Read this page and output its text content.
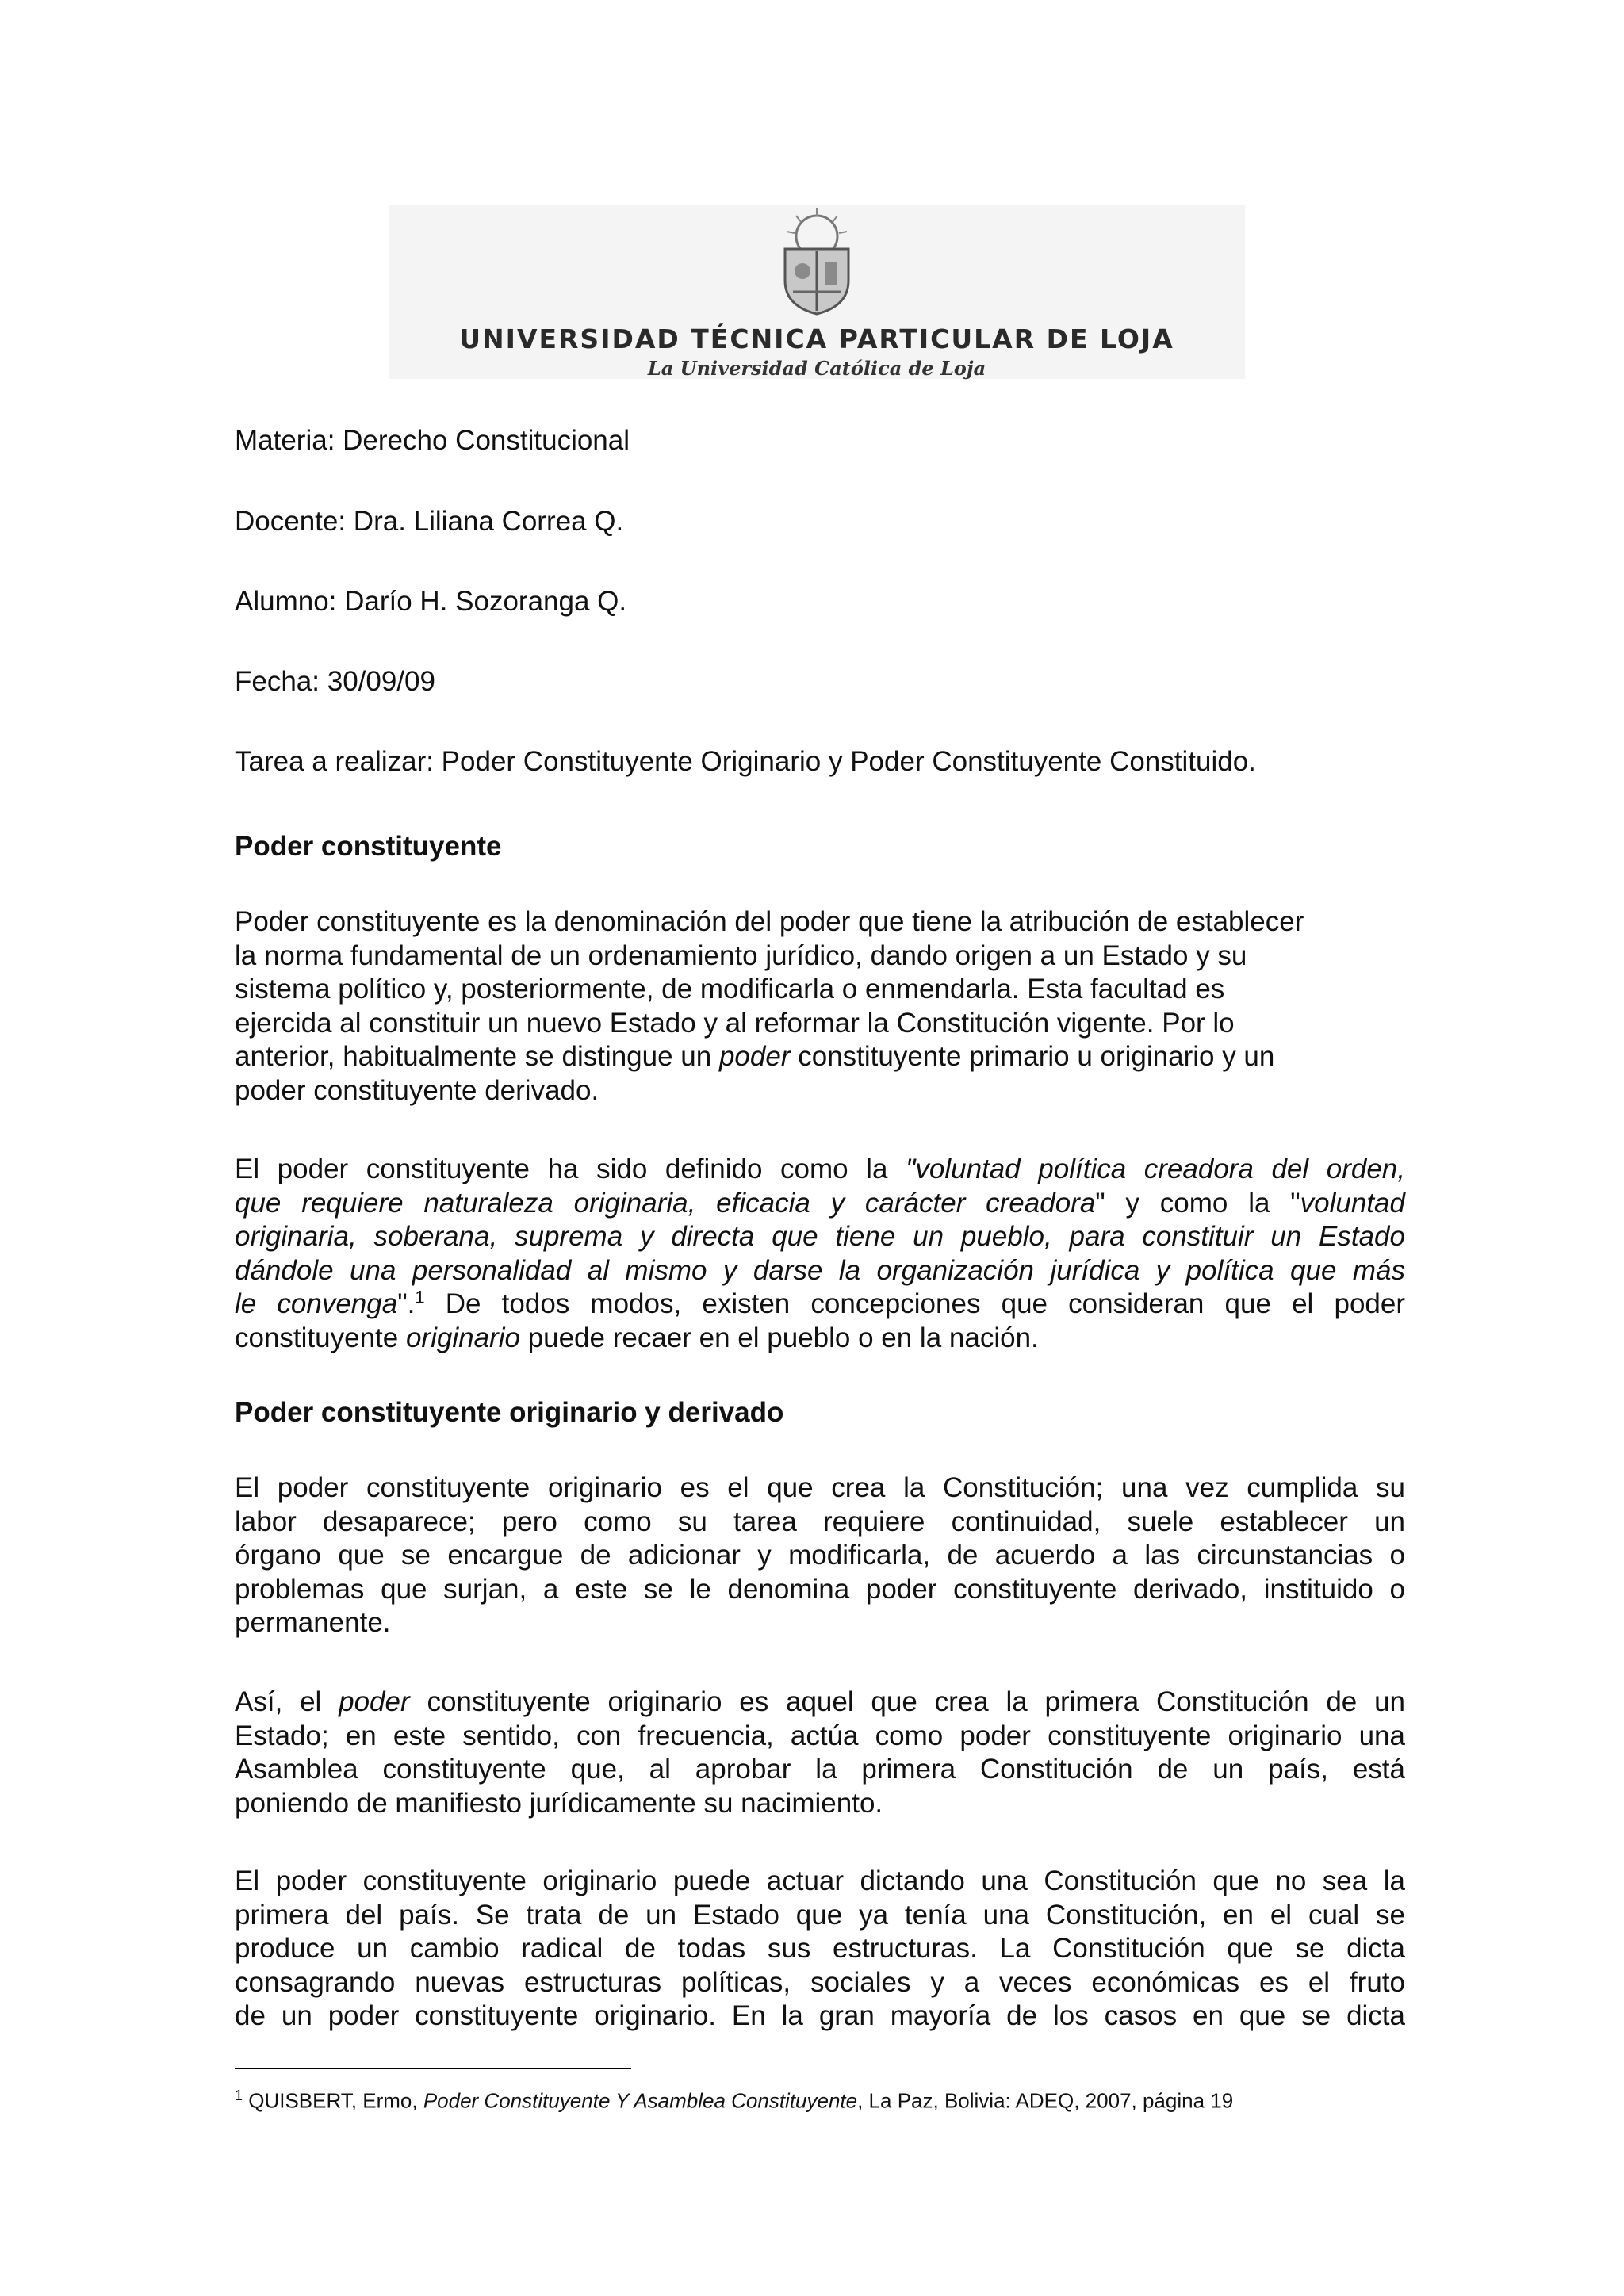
UNIVERSIDAD TÉCNICA PARTICULAR DE LOJA
La Universidad Católica de Loja
Materia: Derecho Constitucional
Docente: Dra. Liliana Correa Q.
Alumno: Darío H. Sozoranga Q.
Fecha: 30/09/09
Tarea a realizar: Poder Constituyente Originario y Poder Constituyente Constituido.
Poder constituyente
Poder constituyente es la denominación del poder que tiene la atribución de establecer
la norma fundamental de un ordenamiento jurídico, dando origen a un Estado y su
sistema político y, posteriormente, de modificarla o enmendarla. Esta facultad es
ejercida al constituir un nuevo Estado y al reformar la Constitución vigente. Por lo
anterior, habitualmente se distingue un poder constituyente primario u originario y un
poder constituyente derivado.
El poder constituyente ha sido definido como la "voluntad política creadora del orden,
que requiere naturaleza originaria, eficacia y carácter creadora" y como la "voluntad
originaria, soberana, suprema y directa que tiene un pueblo, para constituir un Estado
dándole una personalidad al mismo y darse la organización jurídica y política que más
le convenga".$^1$ De todos modos, existen concepciones que consideran que el poder
constituyente originario puede recaer en el pueblo o en la nación.
Poder constituyente originario y derivado
El poder constituyente originario es el que crea la Constitución; una vez cumplida su
labor desaparece; pero como su tarea requiere continuidad, suele establecer un
órgano que se encargue de adicionar y modificarla, de acuerdo a las circunstancias o
problemas que surjan, a este se le denomina poder constituyente derivado, instituido o
permanente.
Así, el poder constituyente originario es aquel que crea la primera Constitución de un
Estado; en este sentido, con frecuencia, actúa como poder constituyente originario una
Asamblea constituyente que, al aprobar la primera Constitución de un país, está
poniendo de manifiesto jurídicamente su nacimiento.
El poder constituyente originario puede actuar dictando una Constitución que no sea la
primera del país. Se trata de un Estado que ya tenía una Constitución, en el cual se
produce un cambio radical de todas sus estructuras. La Constitución que se dicta
consagrando nuevas estructuras políticas, sociales y a veces económicas es el fruto
de un poder constituyente originario. En la gran mayoría de los casos en que se dicta
$^1$ QUISBERT, Ermo, Poder Constituyente Y Asamblea Constituyente, La Paz, Bolivia: ADEQ, 2007, página 19
